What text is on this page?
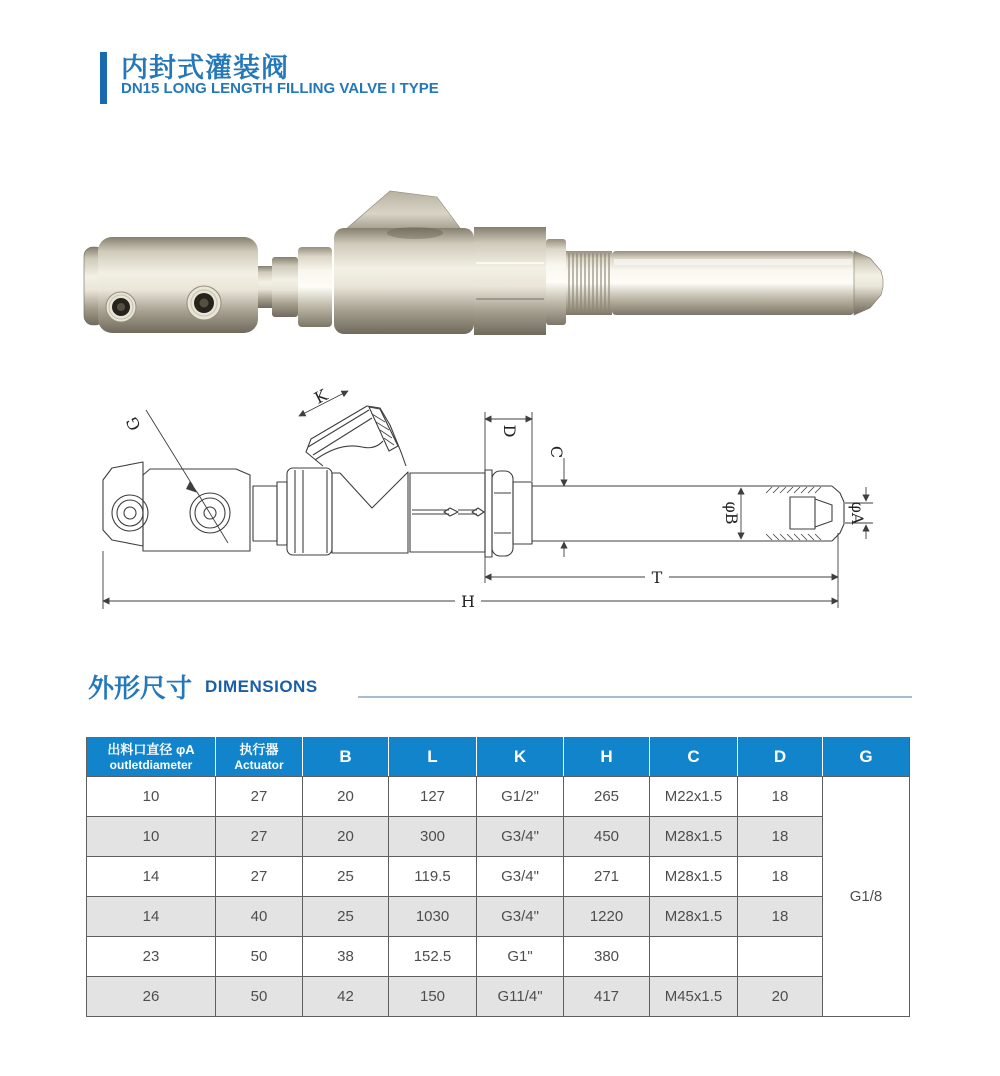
内封式灌装阀
DN15 LONG LENGTH FILLING VALVE I TYPE
G
K
D
C
φB	φA
T
H
外形尺寸 DIMENSIONS
出料口直径 φA
outletdiameter

执行器
Actuator	B	L	K	H	C	D	G
10	27	20	127	G1/2"	265	M22x1.5	18	G1/8
10	27	20	300	G3/4"	450	M28x1.5	18	
14	27	25	119.5	G3/4"	271	M28x1.5	18	
14	40	25	1030	G3/4"	1220	M28x1.5	18	
23	50	38	152.5	G1"	380			
26	50	42	150	G11/4"	417	M45x1.5	20	
